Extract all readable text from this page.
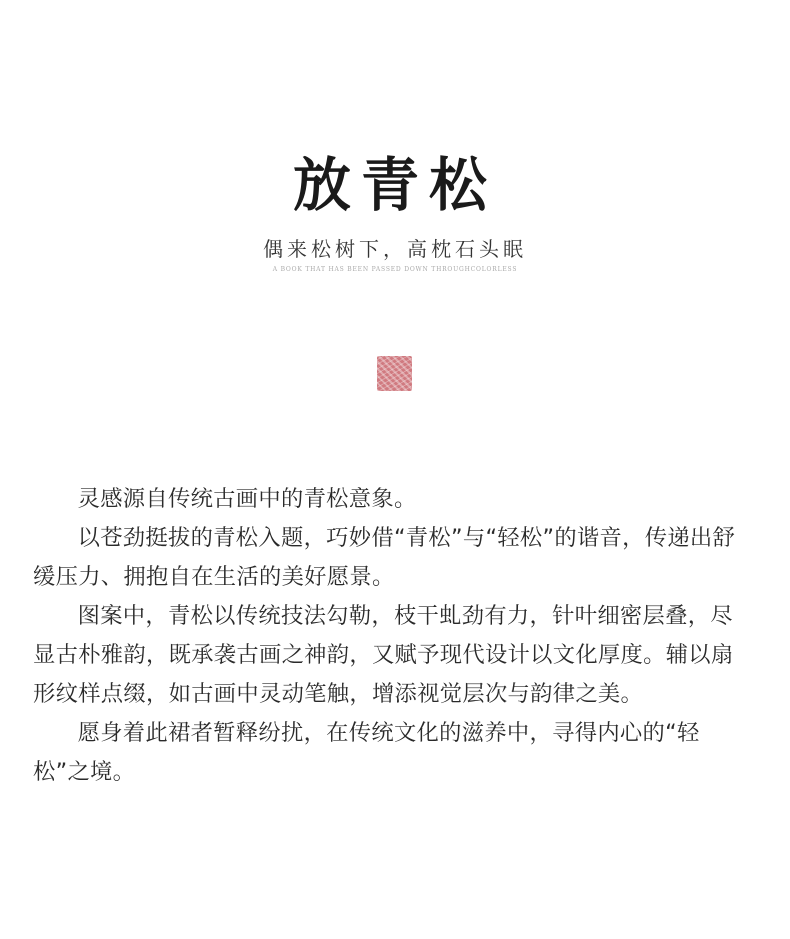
放青松
偶来松树下，高枕石头眠
A BOOK THAT HAS BEEN PASSED DOWN THROUGHCOLORLESS

灵感源自传统古画中的青松意象。

以苍劲挺拔的青松入题，巧妙借“青松”与“轻松”的谐音，传递出舒缓压力、拥抱自在生活的美好愿景。

图案中，青松以传统技法勾勒，枝干虬劲有力，针叶细密层叠，尽显古朴雅韵，既承袭古画之神韵，又赋予现代设计以文化厚度。辅以扇形纹样点缀，如古画中灵动笔触，增添视觉层次与韵律之美。

愿身着此裙者暂释纷扰，在传统文化的滋养中，寻得内心的“轻松”之境。
